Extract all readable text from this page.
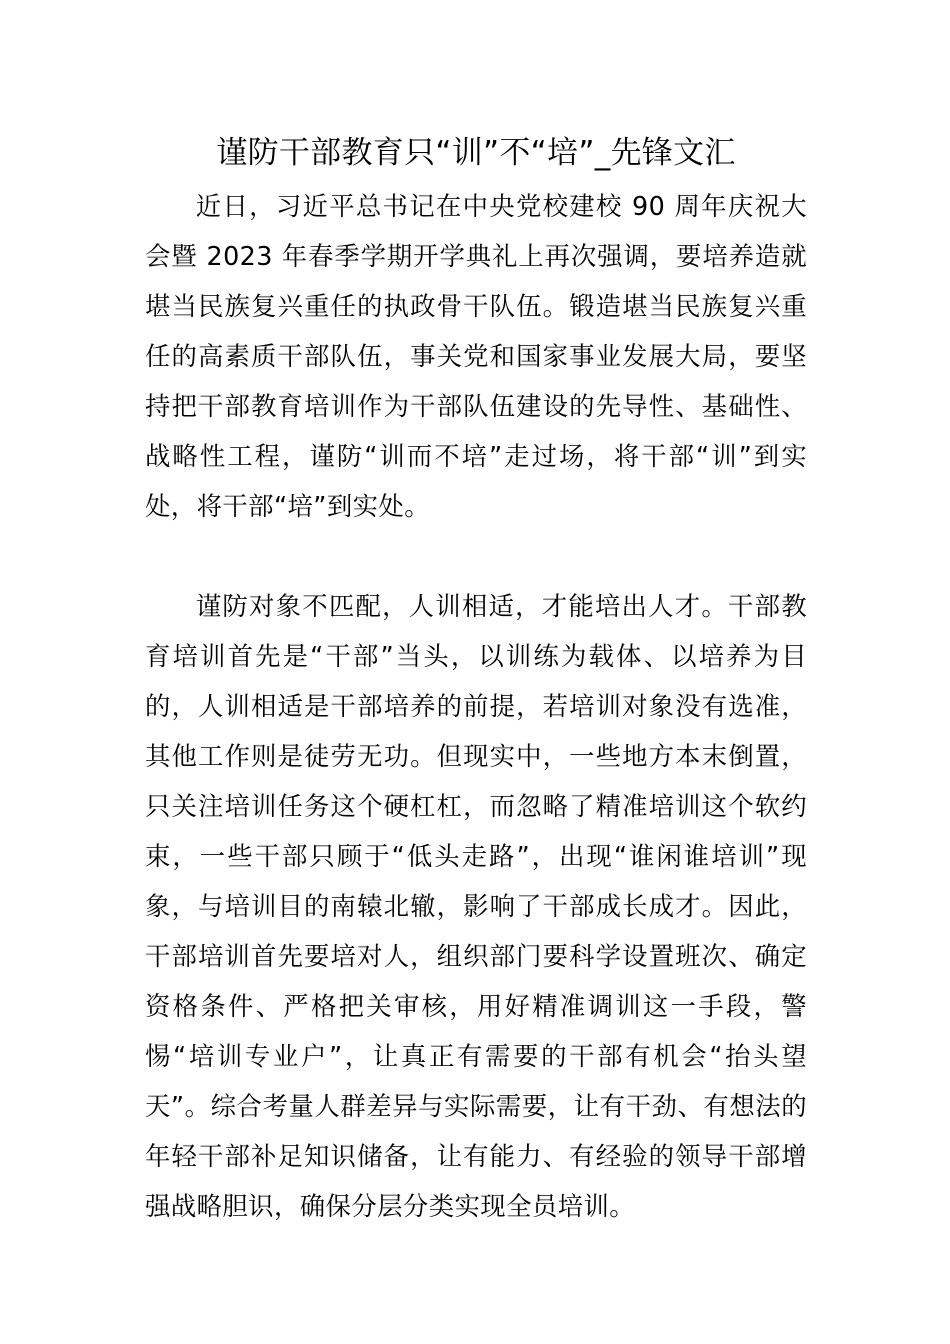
谨防干部教育只“训”不“培”_先锋文汇

近日，习近平总书记在中央党校建校 90 周年庆祝大会暨 2023 年春季学期开学典礼上再次强调，要培养造就堪当民族复兴重任的执政骨干队伍。锻造堪当民族复兴重任的高素质干部队伍，事关党和国家事业发展大局，要坚持把干部教育培训作为干部队伍建设的先导性、基础性、战略性工程，谨防“训而不培”走过场，将干部“训”到实处，将干部“培”到实处。

谨防对象不匹配，人训相适，才能培出人才。干部教育培训首先是“干部”当头，以训练为载体、以培养为目的，人训相适是干部培养的前提，若培训对象没有选准，其他工作则是徒劳无功。但现实中，一些地方本末倒置，只关注培训任务这个硬杠杠，而忽略了精准培训这个软约束，一些干部只顾于“低头走路”，出现“谁闲谁培训”现象，与培训目的南辕北辙，影响了干部成长成才。因此，干部培训首先要培对人，组织部门要科学设置班次、确定资格条件、严格把关审核，用好精准调训这一手段，警惕“培训专业户”，让真正有需要的干部有机会“抬头望天”。综合考量人群差异与实际需要，让有干劲、有想法的年轻干部补足知识储备，让有能力、有经验的领导干部增强战略胆识，确保分层分类实现全员培训。
